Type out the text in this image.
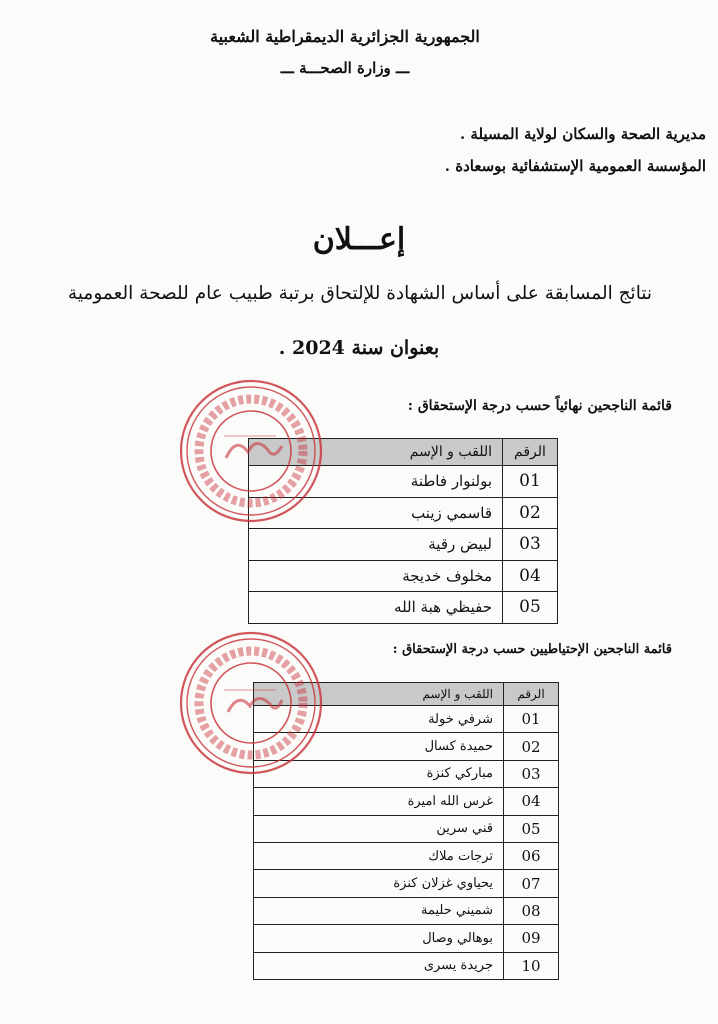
الجمهورية الجزائرية الديمقراطية الشعبية
ـــ وزارة الصحـــة ـــ
مديرية الصحة والسكان لولاية المسيلة .
المؤسسة العمومية الإستشفائية بوسعادة .
إعـــلان
نتائج المسابقة على أساس الشهادة للإلتحاق برتبة طبيب عام للصحة العمومية
بعنوان سنة 2024 .
قائمة الناجحين نهائياً حسب درجة الإستحقاق :
الرقم	اللقب و الإسم
01	بولنوار فاطنة
02	قاسمي زينب
03	لبيض رقية
04	مخلوف خديجة
05	حفيظي هبة الله
قائمة الناجحين الإحتياطيين حسب درجة الإستحقاق :
الرقم	اللقب و الإسم
01	شرفي خولة
02	حميدة كسال
03	مباركي كنزة
04	غرس الله اميرة
05	قني سرين
06	ترجات ملاك
07	يحياوي غزلان كنزة
08	شميني حليمة
09	بوهالي وصال
10	جريدة يسرى
